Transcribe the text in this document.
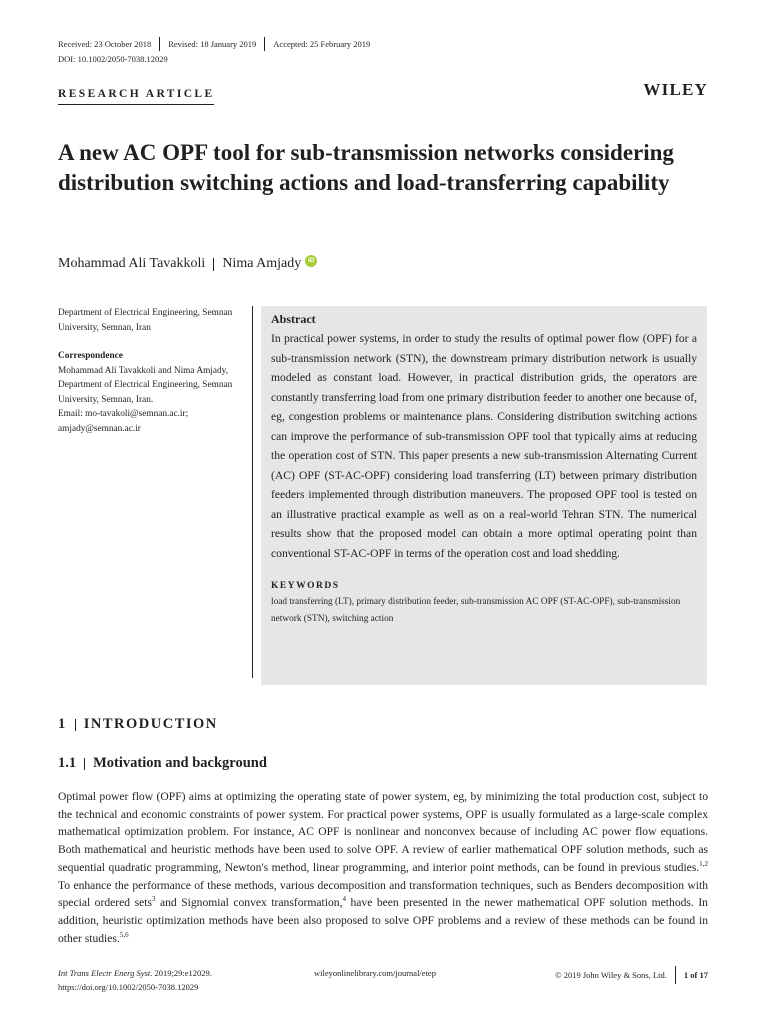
Received: 23 October 2018 Revised: 18 January 2019 Accepted: 25 February 2019
DOI: 10.1002/2050-7038.12029
RESEARCH ARTICLE	WILEY
A new AC OPF tool for sub-transmission networks considering distribution switching actions and load-transferring capability
Mohammad Ali Tavakkoli Nima Amjady	iD

Department of Electrical Engineering, Semnan University, Semnan, Iran

Correspondence
Mohammad Ali Tavakkoli and Nima Amjady, Department of Electrical Engineering, Semnan University, Semnan, Iran.
Email: mo-tavakoli@semnan.ac.ir;
amjady@semnan.ac.ir
Abstract

In practical power systems, in order to study the results of optimal power flow (OPF) for a sub-transmission network (STN), the downstream primary distribution network is usually modeled as constant load. However, in practical distribution grids, the operators are constantly transferring load from one primary distribution feeder to another one because of, eg, congestion problems or maintenance plans. Considering distribution switching actions can improve the performance of sub-transmission OPF tool that typically aims at reducing the operation cost of STN. This paper presents a new sub-transmission Alternating Current (AC) OPF (ST-AC-OPF) considering load transferring (LT) between primary distribution feeders implemented through distribution maneuvers. The proposed OPF tool is tested on an illustrative practical example as well as on a real-world Tehran STN. The numerical results show that the proposed model can obtain a more optimal operating point than conventional ST-AC-OPF in terms of the operation cost and load shedding.

KEYWORDS

load transferring (LT), primary distribution feeder, sub-transmission AC OPF (ST-AC-OPF), sub-transmission network (STN), switching action

1 INTRODUCTION
1.1 Motivation and background

Optimal power flow (OPF) aims at optimizing the operating state of power system, eg, by minimizing the total production cost, subject to the technical and economic constraints of power system. For practical power systems, OPF is usually formulated as a large-scale complex mathematical optimization problem. For instance, AC OPF is nonlinear and nonconvex because of including AC power flow equations. Both mathematical and heuristic methods have been used to solve OPF. A review of earlier mathematical OPF solution methods, such as sequential quadratic programming, Newton's method, linear programming, and interior point methods, can be found in previous studies.$^{1,2}$ To enhance the performance of these methods, various decomposition and transformation techniques, such as Benders decomposition with special ordered sets$^3$ and Signomial convex transformation,$^4$ have been presented in the newer mathematical OPF solution methods. In addition, heuristic optimization methods have been also proposed to solve OPF problems and a review of these methods can be found in other studies.$^{5,6}$

Int Trans Electr Energ Syst. 2019;29:e12029.
https://doi.org/10.1002/2050-7038.12029
wileyonlinelibrary.com/journal/etep	© 2019 John Wiley & Sons, Ltd. 1 of 17
